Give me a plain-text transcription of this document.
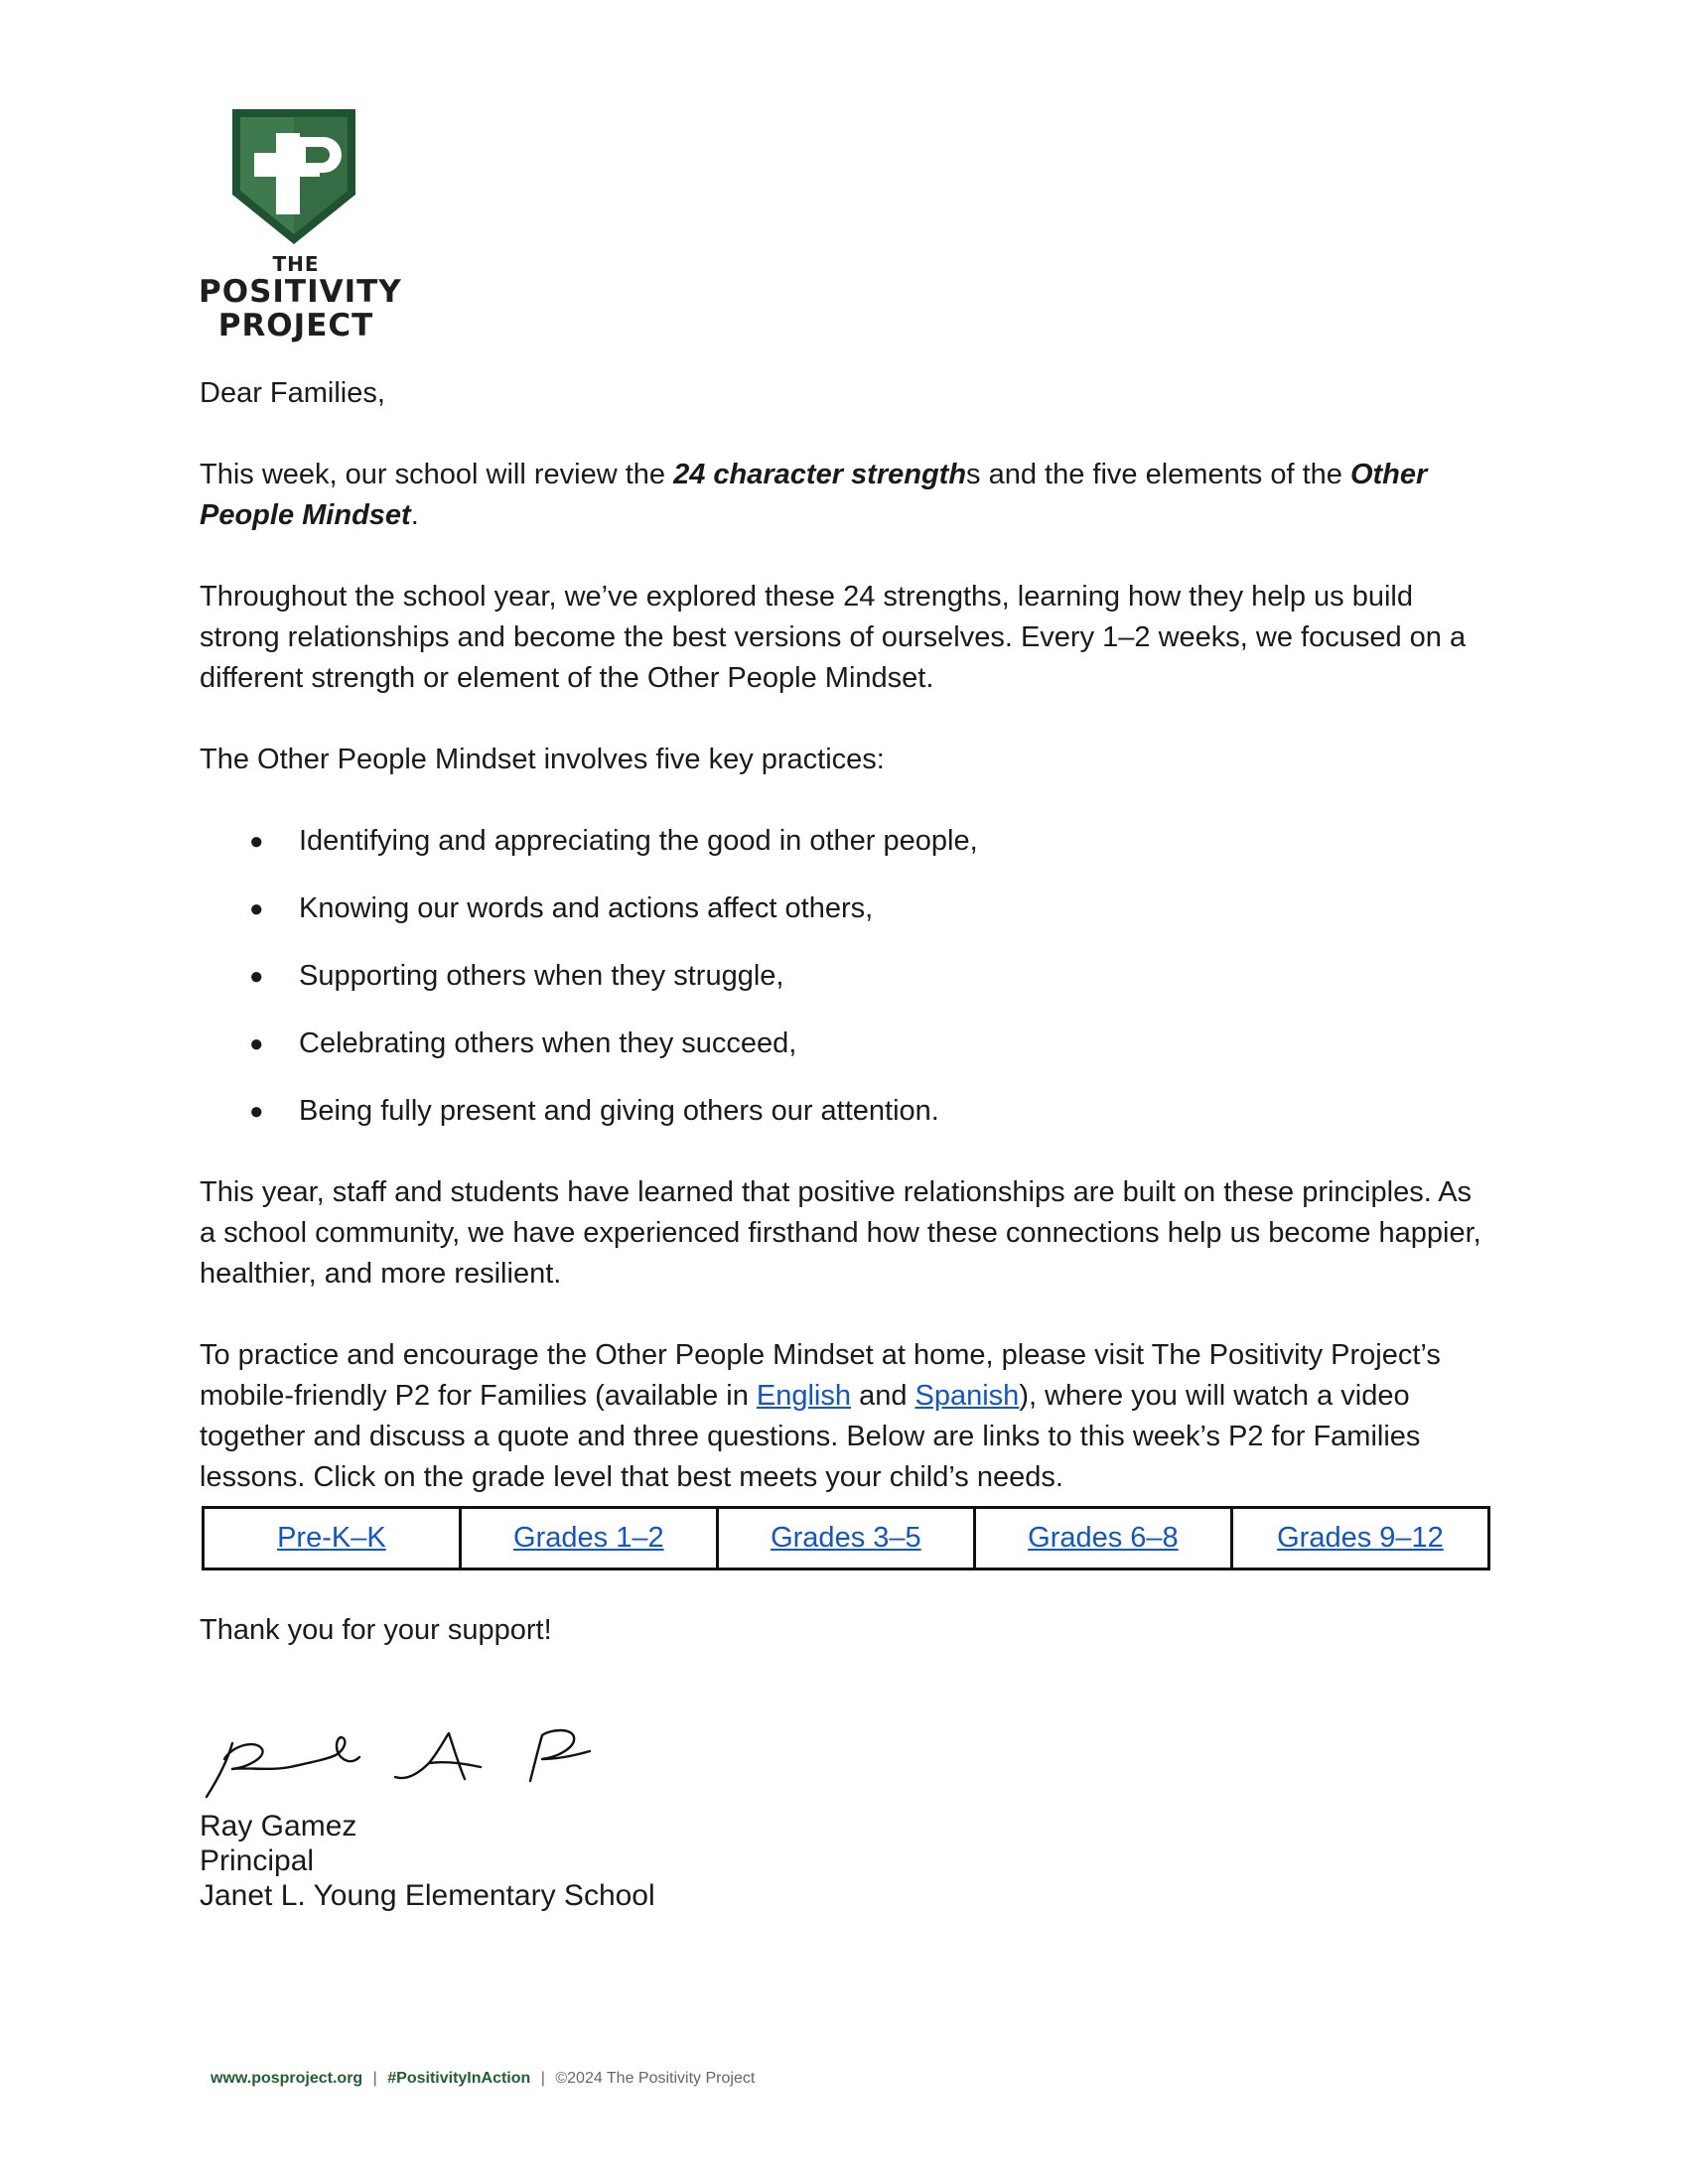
THE
POSITIVITY
PROJECT

Dear Families,

This week, our school will review the 24 character strengths and the five elements of the Other People Mindset.

Throughout the school year, we’ve explored these 24 strengths, learning how they help us build strong relationships and become the best versions of ourselves. Every 1–2 weeks, we focused on a different strength or element of the Other People Mindset.

The Other People Mindset involves five key practices:

● Identifying and appreciating the good in other people,
● Knowing our words and actions affect others,
● Supporting others when they struggle,
● Celebrating others when they succeed,
● Being fully present and giving others our attention.

This year, staff and students have learned that positive relationships are built on these principles. As a school community, we have experienced firsthand how these connections help us become happier, healthier, and more resilient.

To practice and encourage the Other People Mindset at home, please visit The Positivity Project’s mobile-friendly P2 for Families (available in English and Spanish), where you will watch a video together and discuss a quote and three questions. Below are links to this week’s P2 for Families lessons. Click on the grade level that best meets your child’s needs.

Pre-K–K	Grades 1–2	Grades 3–5	Grades 6–8	Grades 9–12

Thank you for your support!

Ray Gamez
Principal
Janet L. Young Elementary School
www.posproject.org | #PositivityInAction | ©2024 The Positivity Project
